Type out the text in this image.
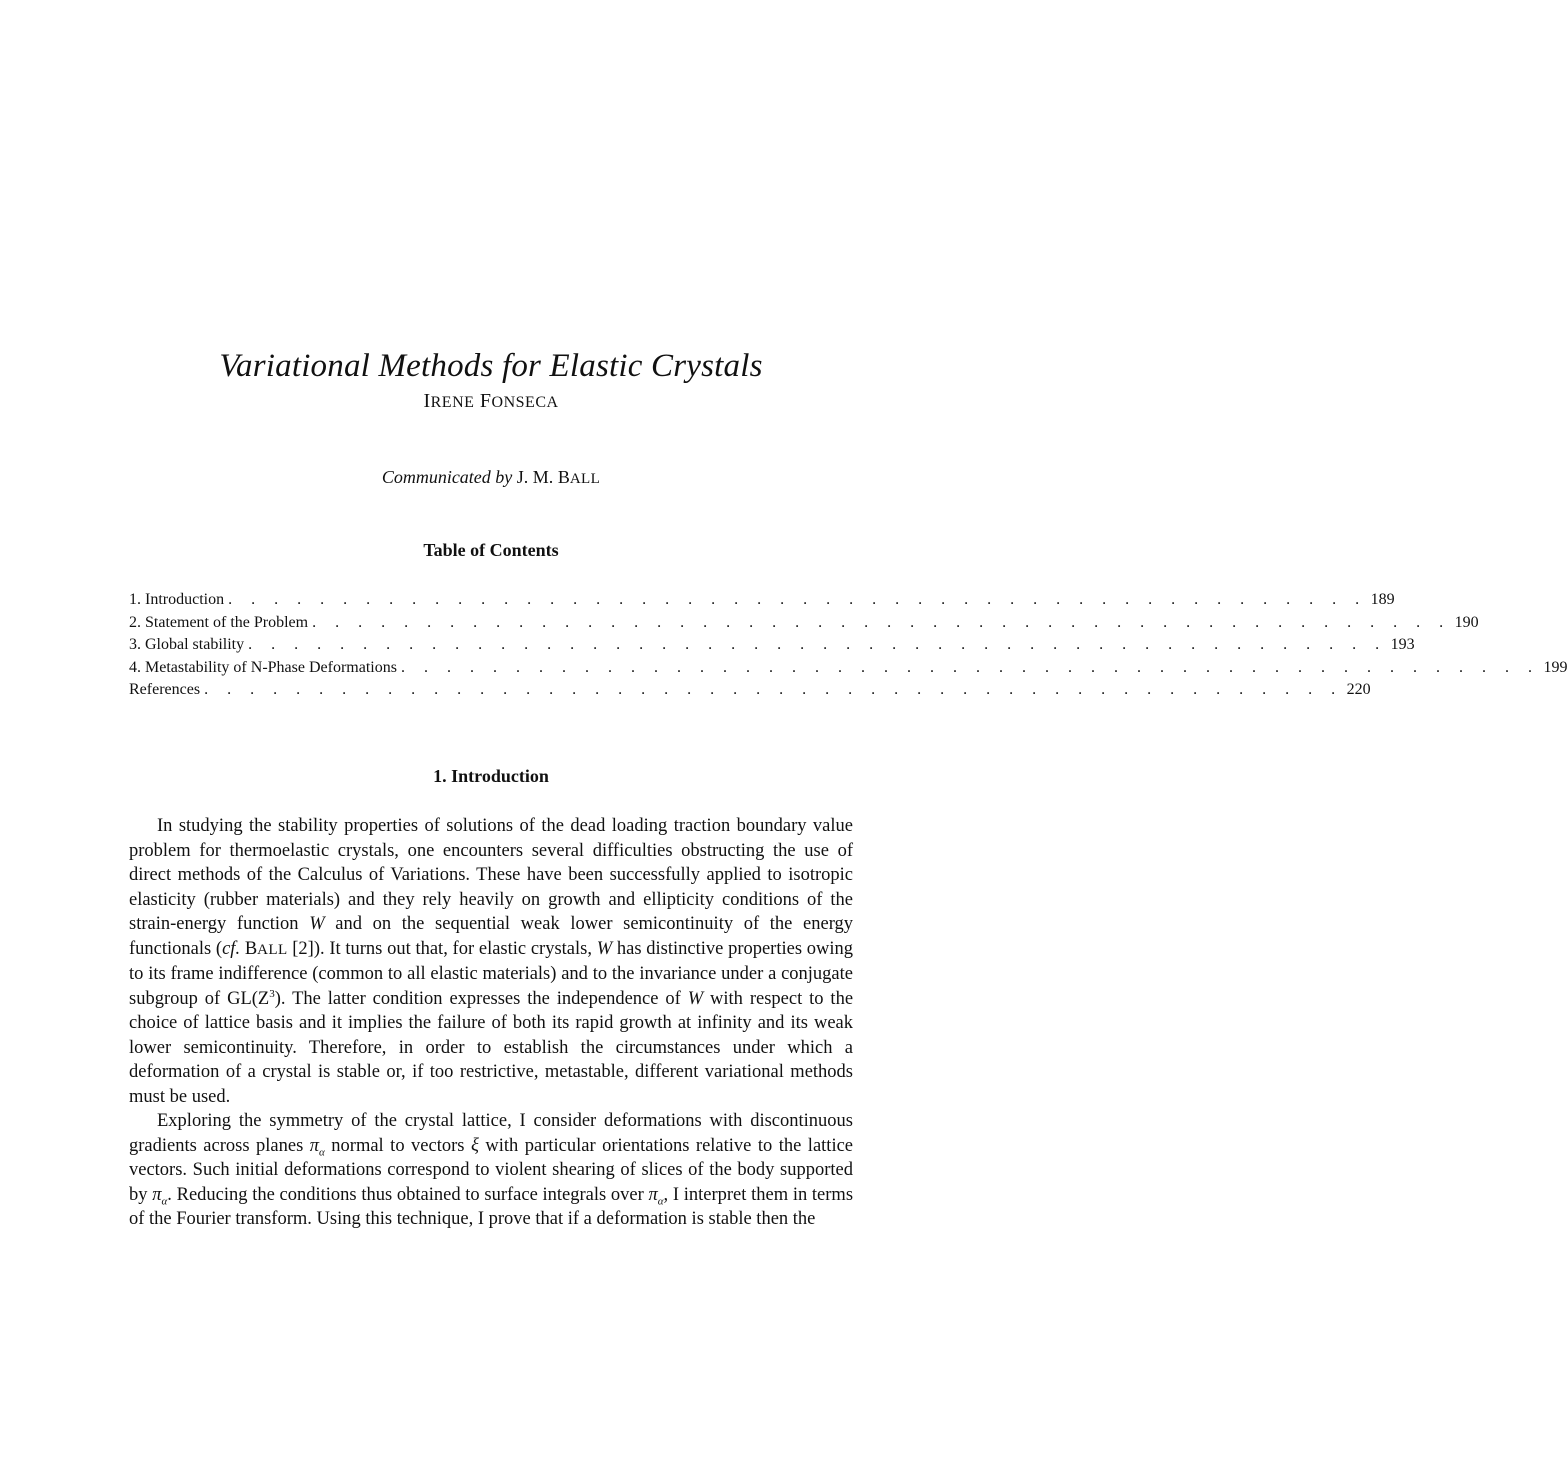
Variational Methods for Elastic Crystals
IRENE FONSECA
Communicated by J. M. BALL
Table of Contents
1. Introduction . . . . . . . . . . . . . . . . . . . . . . . . . . . . . . . . . . . . . . . . . . . . . . . . . . 189
2. Statement of the Problem . . . . . . . . . . . . . . . . . . . . . . . . . . . . . . . . . . . . . . . . . . . . . . . . . . 190
3. Global stability . . . . . . . . . . . . . . . . . . . . . . . . . . . . . . . . . . . . . . . . . . . . . . . . . . 193
4. Metastability of N-Phase Deformations . . . . . . . . . . . . . . . . . . . . . . . . . . . . . . . . . . . . . . . . . . . . . . . . . . 199
References . . . . . . . . . . . . . . . . . . . . . . . . . . . . . . . . . . . . . . . . . . . . . . . . . . 220
1. Introduction

In studying the stability properties of solutions of the dead loading traction boundary value problem for thermoelastic crystals, one encounters several difficulties obstructing the use of direct methods of the Calculus of Variations. These have been successfully applied to isotropic elasticity (rubber materials) and they rely heavily on growth and ellipticity conditions of the strain-energy function W and on the sequential weak lower semicontinuity of the energy functionals (cf. BALL [2]). It turns out that, for elastic crystals, W has distinctive properties owing to its frame indifference (common to all elastic materials) and to the invariance under a conjugate subgroup of $GL(Z^3)$. The latter condition expresses the independence of W with respect to the choice of lattice basis and it implies the failure of both its rapid growth at infinity and its weak lower semicontinuity. Therefore, in order to establish the circumstances under which a deformation of a crystal is stable or, if too restrictive, metastable, different variational methods must be used.

Exploring the symmetry of the crystal lattice, I consider deformations with discontinuous gradients across planes $\pi_\alpha$ normal to vectors ξ with particular orientations relative to the lattice vectors. Such initial deformations correspond to violent shearing of slices of the body supported by $\pi_\alpha$. Reducing the conditions thus obtained to surface integrals over $\pi_\alpha$, I interpret them in terms of the Fourier transform. Using this technique, I prove that if a deformation is stable then the
